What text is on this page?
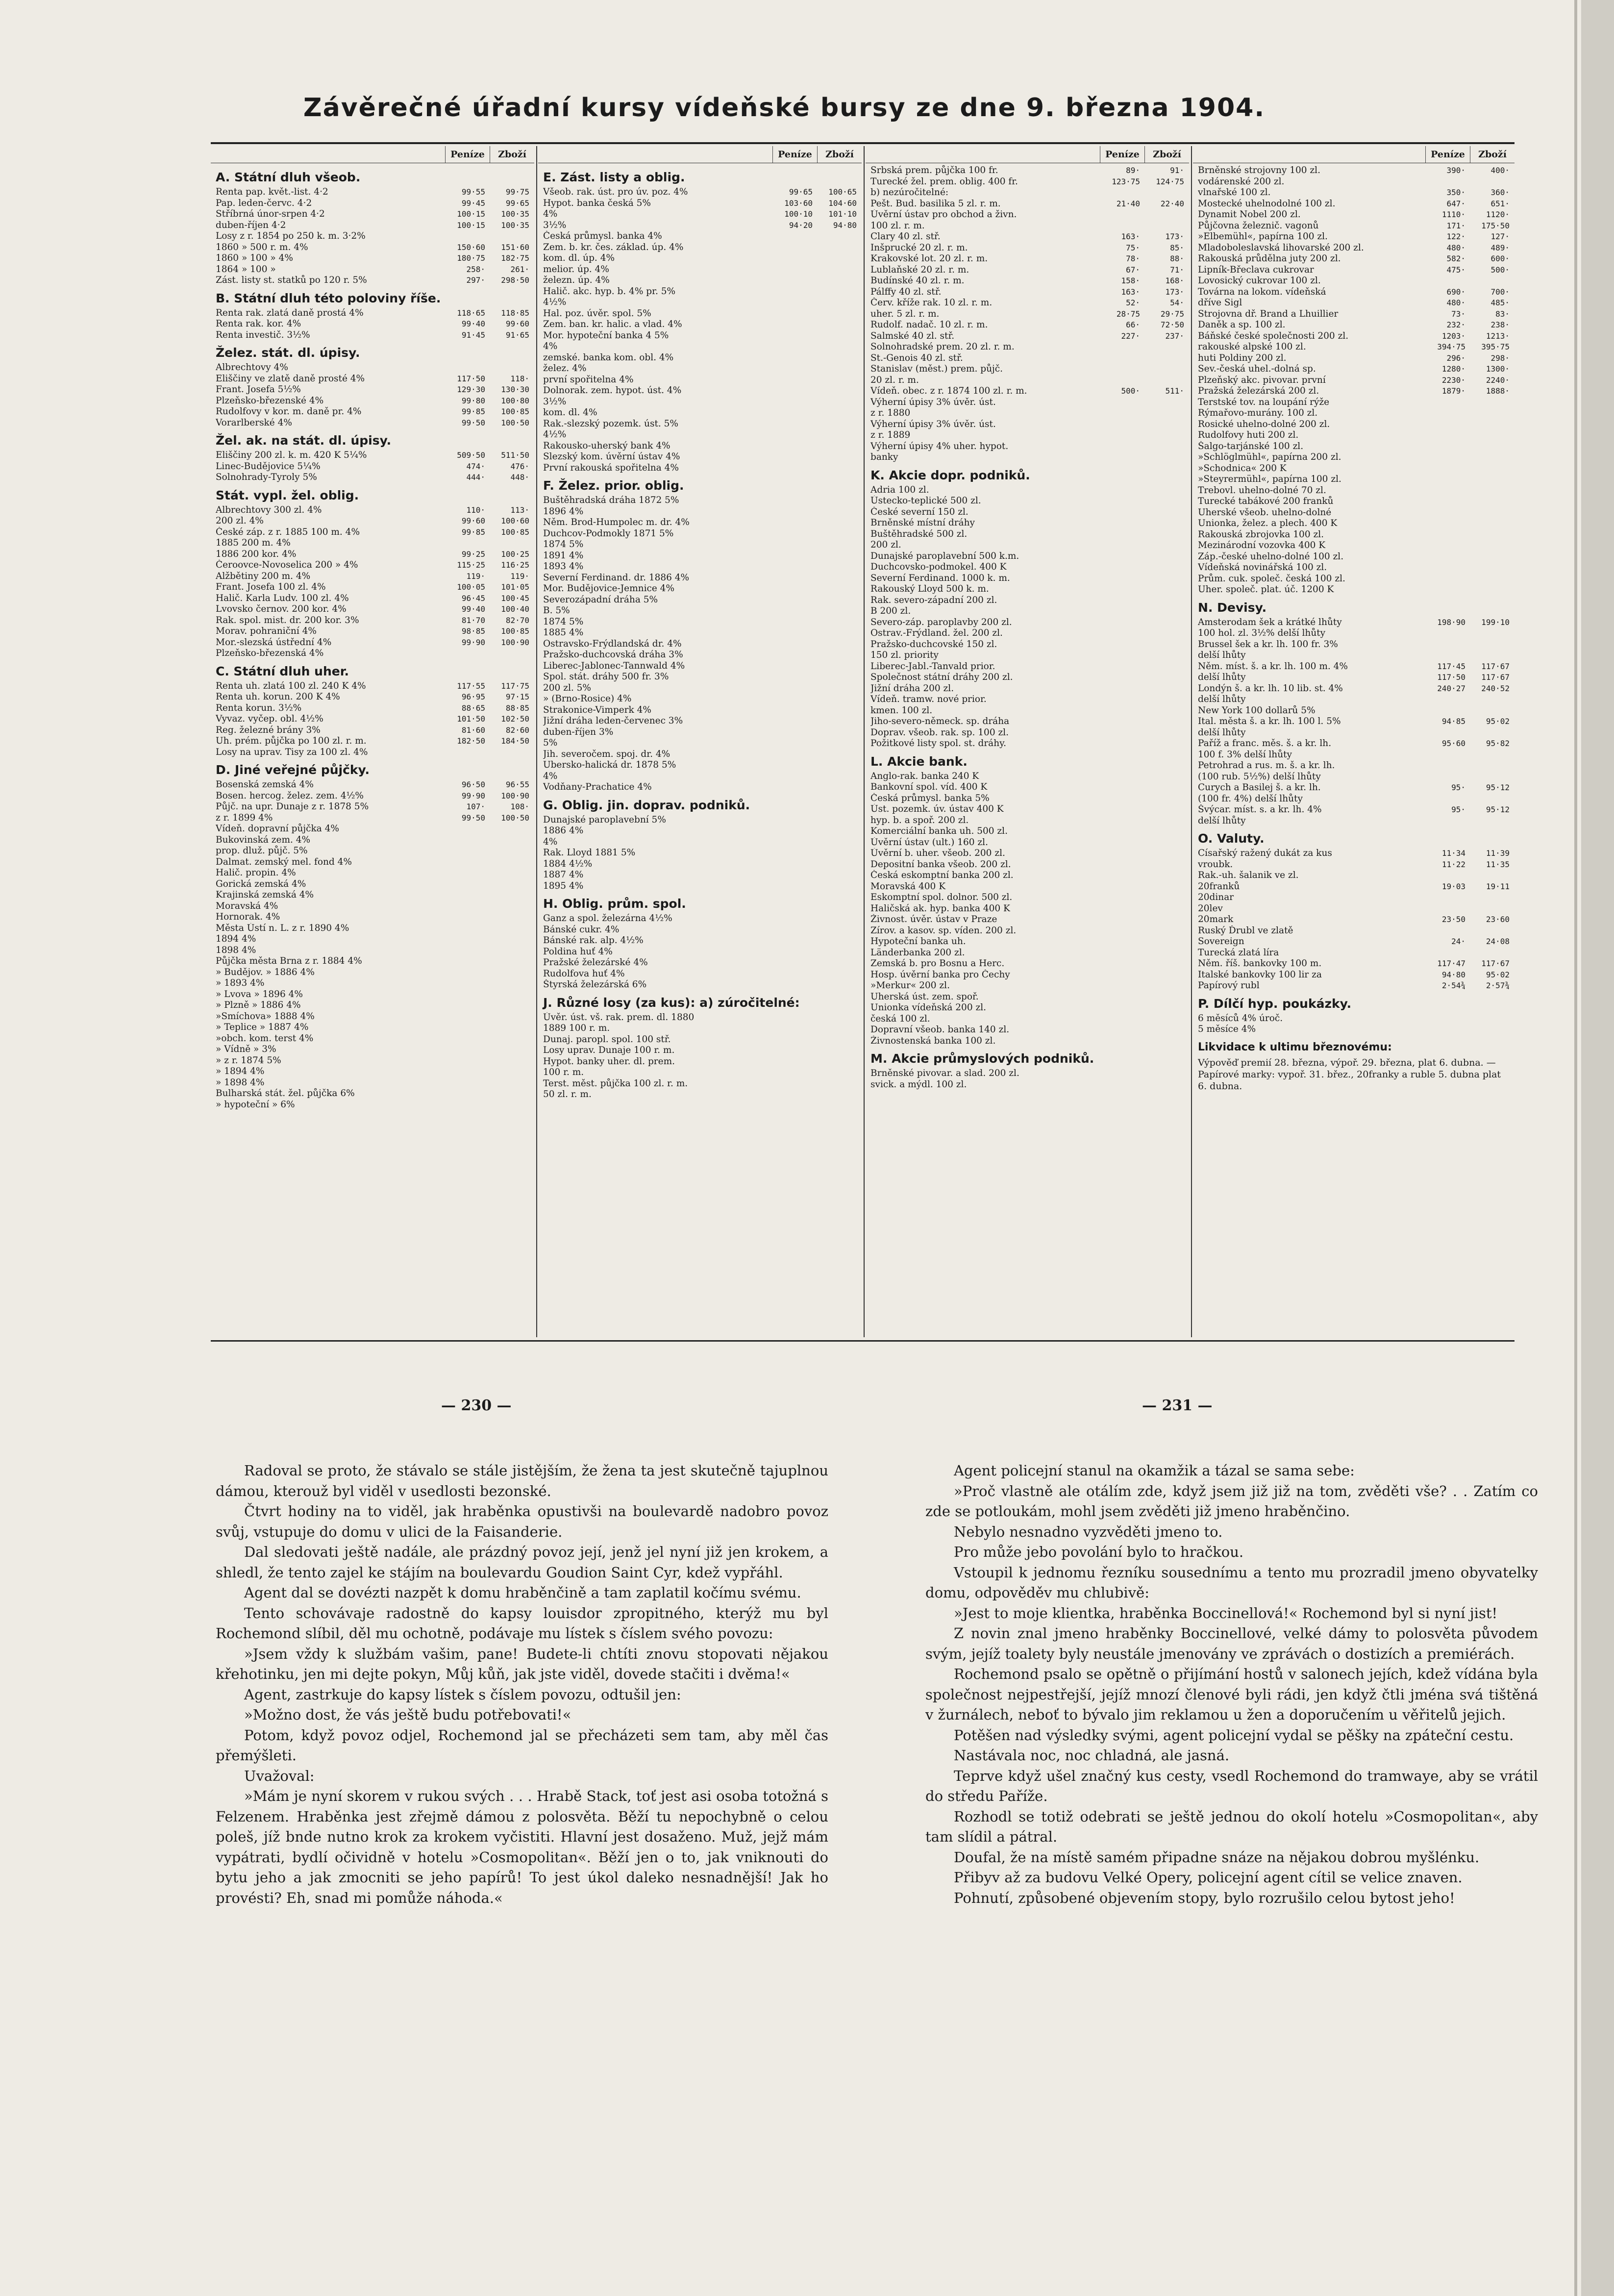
Závěrečné úřadní kursy vídeňské bursy ze dne 9. března 1904.
Peníze	Zboží
A. Státní dluh všeob.
Renta pap. květ.-list. 4·2	99·55	99·75
Pap. leden-červc. 4·2	99·45	99·65
Stříbrná únor-srpen 4·2	100·15	100·35
duben-říjen 4·2	100·15	100·35
Losy z r. 1854 po 250 k. m. 3·2%
1860 » 500 r. m. 4%	150·60	151·60
1860 » 100 » 4%	180·75	182·75
1864 » 100 »	258·	261·
Zást. listy st. statků po 120 r. 5%	297·	298·50
B. Státní dluh této poloviny říše.
Renta rak. zlatá daně prostá 4%	118·65	118·85
Renta rak. kor. 4%	99·40	99·60
Renta investič. 3½%	91·45	91·65
Želez. stát. dl. úpisy.
Albrechtovy 4%
Eliščiny ve zlatě daně prosté 4%	117·50	118·
Frant. Josefa 5½%	129·30	130·30
Plzeňsko-březenské 4%	99·80	100·80
Rudolfovy v kor. m. daně pr. 4%	99·85	100·85
Vorarlberské 4%	99·50	100·50
Žel. ak. na stát. dl. úpisy.
Eliščiny 200 zl. k. m. 420 K 5¼%	509·50	511·50
Linec-Budějovice 5¼%	474·	476·
Solnohrady-Tyroly 5%	444·	448·
Stát. vypl. žel. oblig.
Albrechtovy 300 zl. 4%	110·	113·
200 zl. 4%	99·60	100·60
České záp. z r. 1885 100 m. 4%	99·85	100·85
1885 200 m. 4%
1886 200 kor. 4%	99·25	100·25
Čeroovce-Novoselica 200 » 4%	115·25	116·25
Alžbětiny 200 m. 4%	119·	119·
Frant. Josefa 100 zl. 4%	100·05	101·05
Halič. Karla Ludv. 100 zl. 4%	96·45	100·45
Lvovsko černov. 200 kor. 4%	99·40	100·40
Rak. spol. mist. dr. 200 kor. 3%	81·70	82·70
Morav. pohraniční 4%	98·85	100·85
Mor.-slezská ústřední 4%	99·90	100·90
Plzeňsko-březenská 4%
C. Státní dluh uher.
Renta uh. zlatá 100 zl. 240 K 4%	117·55	117·75
Renta uh. korun. 200 K 4%	96·95	97·15
Renta korun. 3½%	88·65	88·85
Vyvaz. vyčep. obl. 4½%	101·50	102·50
Reg. železné brány 3%	81·60	82·60
Uh. prém. půjčka po 100 zl. r. m.	182·50	184·50
Losy na uprav. Tisy za 100 zl. 4%
D. Jiné veřejné půjčky.
Bosenská zemská 4%	96·50	96·55
Bosen. hercog. želez. zem. 4½%	99·90	100·90
Půjč. na upr. Dunaje z r. 1878 5%	107·	108·
z r. 1899 4%	99·50	100·50
Vídeň. dopravní půjčka 4%
Bukovinská zem. 4%
prop. dluž. půjč. 5%
Dalmat. zemský mel. fond 4%
Halič. propin. 4%
Gorická zemská 4%
Krajinská zemská 4%
Moravská 4%
Hornorak. 4%
Města Ústí n. L. z r. 1890 4%
1894 4%
1898 4%
Půjčka města Brna z r. 1884 4%
» Budějov. » 1886 4%
» 1893 4%
» Lvova » 1896 4%
» Plzně » 1886 4%
»Smíchova» 1888 4%
» Teplice » 1887 4%
»obch. kom. terst 4%
» Vídně » 3%
» z r. 1874 5%
» 1894 4%
» 1898 4%
Bulharská stát. žel. půjčka 6%
» hypoteční » 6%
Peníze	Zboží
E. Zást. listy a oblig.
Všeob. rak. úst. pro úv. poz. 4%	99·65	100·65
Hypot. banka česká 5%	103·60	104·60
4%	100·10	101·10
3½%	94·20	94·80
Česká průmysl. banka 4%
Zem. b. kr. čes. základ. úp. 4%
kom. dl. úp. 4%
melior. úp. 4%
železn. úp. 4%
Halič. akc. hyp. b. 4% pr. 5%
4½%
Hal. poz. úvěr. spol. 5%
Zem. ban. kr. halic. a vlad. 4%
Mor. hypoteční banka 4 5%
4%
zemské. banka kom. obl. 4%
želez. 4%
první spořitelna 4%
Dolnorak. zem. hypot. úst. 4%
3½%
kom. dl. 4%
Rak.-slezský pozemk. úst. 5%
4½%
Rakousko-uherský bank 4%
Slezský kom. úvěrní ústav 4%
První rakouská spořitelna 4%
F. Želez. prior. oblig.
Buštěhradská dráha 1872 5%
1896 4%
Něm. Brod-Humpolec m. dr. 4%
Duchcov-Podmokly 1871 5%
1874 5%
1891 4%
1893 4%
Severní Ferdinand. dr. 1886 4%
Mor. Budějovice-Jemnice 4%
Severozápadní dráha 5%
B. 5%
1874 5%
1885 4%
Ostravsko-Frýdlandská dr. 4%
Pražsko-duchcovská dráha 3%
Liberec-Jablonec-Tannwald 4%
Spol. stát. dráhy 500 fr. 3%
200 zl. 5%
» (Brno-Rosice) 4%
Strakonice-Vimperk 4%
Jižní dráha leden-červenec 3%
duben-říjen 3%
5%
Jih. severočem. spoj. dr. 4%
Ubersko-halická dr. 1878 5%
4%
Vodňany-Prachatice 4%
G. Oblig. jin. doprav. podniků.
Dunajské paroplavební 5%
1886 4%
4%
Rak. Lloyd 1881 5%
1884 4½%
1887 4%
1895 4%
H. Oblig. prům. spol.
Ganz a spol. železárna 4½%
Bánské cukr. 4%
Bánské rak. alp. 4½%
Poldina huť 4%
Pražské železárské 4%
Rudolfova huť 4%
Štyrská železárská 6%
J. Různé losy (za kus): a) zúročitelné:
Úvěr. úst. vš. rak. prem. dl. 1880
1889 100 r. m.
Dunaj. paropl. spol. 100 stř.
Losy uprav. Dunaje 100 r. m.
Hypot. banky uher. dl. prem.
100 r. m.
Terst. měst. půjčka 100 zl. r. m.
50 zl. r. m.
Peníze	Zboží
Srbská prem. půjčka 100 fr.	89·	91·
Turecké žel. prem. oblig. 400 fr.	123·75	124·75
b) nezúročitelné:
Pešt. Bud. basilika 5 zl. r. m.	21·40	22·40
Úvěrní ústav pro obchod a živn.
100 zl. r. m.
Clary 40 zl. stř.	163·	173·
Inšprucké 20 zl. r. m.	75·	85·
Krakovské lot. 20 zl. r. m.	78·	88·
Lublaňské 20 zl. r. m.	67·	71·
Budínské 40 zl. r. m.	158·	168·
Pálffy 40 zl. stř.	163·	173·
Červ. kříže rak. 10 zl. r. m.	52·	54·
uher. 5 zl. r. m.	28·75	29·75
Rudolf. nadač. 10 zl. r. m.	66·	72·50
Salmské 40 zl. stř.	227·	237·
Solnohradské prem. 20 zl. r. m.
St.-Genois 40 zl. stř.
Stanislav (měst.) prem. půjč.
20 zl. r. m.
Vídeň. obec. z r. 1874 100 zl. r. m.	500·	511·
Výherní úpisy 3% úvěr. úst.
z r. 1880
Výherní úpisy 3% úvěr. úst.
z r. 1889
Výherní úpisy 4% uher. hypot.
banky
K. Akcie dopr. podniků.
Adria 100 zl.
Ústecko-teplické 500 zl.
České severní 150 zl.
Brněnské místní dráhy
Buštěhradské 500 zl.
200 zl.
Dunajské paroplavební 500 k.m.
Duchcovsko-podmokel. 400 K
Severní Ferdinand. 1000 k. m.
Rakouský Lloyd 500 k. m.
Rak. severo-západní 200 zl.
B 200 zl.
Severo-záp. paroplavby 200 zl.
Ostrav.-Frýdland. žel. 200 zl.
Pražsko-duchcovské 150 zl.
150 zl. priority
Liberec-Jabl.-Tanvald prior.
Společnost státní dráhy 200 zl.
Jižní dráha 200 zl.
Vídeň. tramw. nové prior.
kmen. 100 zl.
Jiho-severo-německ. sp. dráha
Doprav. všeob. rak. sp. 100 zl.
Požitkové listy spol. st. dráhy.
L. Akcie bank.
Anglo-rak. banka 240 K
Bankovní spol. víd. 400 K
Česká průmysl. banka 5%
Úst. pozemk. úv. ústav 400 K
hyp. b. a spoř. 200 zl.
Komerciální banka uh. 500 zl.
Úvěrní ústav (ult.) 160 zl.
Úvěrní b. uher. všeob. 200 zl.
Depositní banka všeob. 200 zl.
Česká eskomptní banka 200 zl.
Moravská 400 K
Eskomptní spol. dolnor. 500 zl.
Haličská ak. hyp. banka 400 K
Živnost. úvěr. ústav v Praze
Zírov. a kasov. sp. víden. 200 zl.
Hypoteční banka uh.
Länderbanka 200 zl.
Zemská b. pro Bosnu a Herc.
Hosp. úvěrní banka pro Čechy
»Merkur« 200 zl.
Uherská úst. zem. spoř.
Unionka vídeňská 200 zl.
česká 100 zl.
Dopravní všeob. banka 140 zl.
Živnostenská banka 100 zl.
M. Akcie průmyslových podniků.
Brněnské pivovar. a slad. 200 zl.
svick. a mýdl. 100 zl.
Peníze	Zboží
Brněnské strojovny 100 zl.	390·	400·
vodárenské 200 zl.
vlnařské 100 zl.	350·	360·
Mostecké uhelnodolné 100 zl.	647·	651·
Dynamit Nobel 200 zl.	1110·	1120·
Půjčovna železnič. vagonů	171·	175·50
»Elbemühl«, papírna 100 zl.	122·	127·
Mladoboleslavská lihovarské 200 zl.	480·	489·
Rakouská průdělna juty 200 zl.	582·	600·
Lipník-Břeclava cukrovar	475·	500·
Lovosický cukrovar 100 zl.
Továrna na lokom. vídeňská	690·	700·
dříve Sigl	480·	485·
Strojovna dř. Brand a Lhuillier	73·	83·
Daněk a sp. 100 zl.	232·	238·
Báňské české společnosti 200 zl.	1203·	1213·
rakouské alpské 100 zl.	394·75	395·75
huti Poldiny 200 zl.	296·	298·
Sev.-česká uhel.-dolná sp.	1280·	1300·
Plzeňský akc. pivovar. první	2230·	2240·
Pražská železárská 200 zl.	1879·	1888·
Terstské tov. na loupání rýže
Rýmařovo-murány. 100 zl.
Rosické uhelno-dolné 200 zl.
Rudolfovy huti 200 zl.
Šalgo-tarjánské 100 zl.
»Schlöglmühl«, papírna 200 zl.
»Schodnica« 200 K
»Steyrermühl«, papírna 100 zl.
Trebovl. uhelno-dolné 70 zl.
Turecké tabákové 200 franků
Uherské všeob. uhelno-dolné
Unionka, želez. a plech. 400 K
Rakouská zbrojovka 100 zl.
Mezinárodní vozovka 400 K
Záp.-české uhelno-dolné 100 zl.
Vídeňská novinářská 100 zl.
Prům. cuk. společ. česká 100 zl.
Uher. společ. plat. úč. 1200 K
N. Devisy.
Amsterodam šek a krátké lhůty	198·90	199·10
100 hol. zl. 3½% delší lhůty
Brussel šek a kr. lh. 100 fr. 3%
delší lhůty
Něm. míst. š. a kr. lh. 100 m. 4%	117·45	117·67
delší lhůty	117·50	117·67
Londýn š. a kr. lh. 10 lib. st. 4%	240·27	240·52
delší lhůty
New York 100 dollarů 5%
Ital. města š. a kr. lh. 100 l. 5%	94·85	95·02
delší lhůty
Paříž a franc. měs. š. a kr. lh.	95·60	95·82
100 f. 3% delší lhůty
Petrohrad a rus. m. š. a kr. lh.
(100 rub. 5½%) delší lhůty
Curych a Basilej š. a kr. lh.	95·	95·12
(100 fr. 4%) delší lhůty
Švýcar. míst. s. a kr. lh. 4%	95·	95·12
delší lhůty
O. Valuty.
Císařský ražený dukát za kus	11·34	11·39
vroubk.	11·22	11·35
Rak.-uh. šalanik ve zl.
20franků	19·03	19·11
20dinar
20lev
20mark	23·50	23·60
Ruský Ďrubl ve zlatě
Sovereign	24·	24·08
Turecká zlatá líra
Něm. říš. bankovky 100 m.	117·47	117·67
Italské bankovky 100 lir za	94·80	95·02
Papírový rubl	2·54¾	2·57¾
P. Dílčí hyp. poukázky.
6 měsíců 4% úroč.
5 měsíce 4%
Likvidace k ultimu březnovému:
Výpověď premií 28. března, výpoř. 29. března, plat 6. dubna. — Papírové marky: vypoř. 31. břez., 20franky a ruble 5. dubna plat 6. dubna.
— 230 —	— 231 —

Radoval se proto, že stávalo se stále jistějším, že žena ta jest skutečně tajuplnou dámou, kterouž byl viděl v usedlosti bezonské.

Čtvrt hodiny na to viděl, jak hraběnka opustivši na boulevardě nadobro povoz svůj, vstupuje do domu v ulici de la Faisanderie.

Dal sledovati ještě nadále, ale prázdný povoz její, jenž jel nyní již jen krokem, a shledl, že tento zajel ke stájím na boulevardu Goudion Saint Cyr, kdež vypřáhl.

Agent dal se dovézti nazpět k domu hraběnčině a tam zaplatil kočímu svému.

Tento schovávaje radostně do kapsy louisdor zpropitného, kterýž mu byl Rochemond slíbil, děl mu ochotně, podávaje mu lístek s číslem svého povozu:

»Jsem vždy k službám vašim, pane! Budete-li chtíti znovu stopovati nějakou křehotinku, jen mi dejte pokyn, Můj kůň, jak jste viděl, dovede stačiti i dvěma!«

Agent, zastrkuje do kapsy lístek s číslem povozu, odtušil jen:

»Možno dost, že vás ještě budu potřebovati!«

Potom, když povoz odjel, Rochemond jal se přecházeti sem tam, aby měl čas přemýšleti.

Uvažoval:

»Mám je nyní skorem v rukou svých . . . Hrabě Stack, toť jest asi osoba totožná s Felzenem. Hraběnka jest zřejmě dámou z polosvěta. Běží tu nepochybně o celou poleš, jíž bnde nutno krok za krokem vyčistiti. Hlavní jest dosaženo. Muž, jejž mám vypátrati, bydlí očividně v hotelu »Cosmopolitan«. Běží jen o to, jak vniknouti do bytu jeho a jak zmocniti se jeho papírů! To jest úkol daleko nesnadnější! Jak ho provésti? Eh, snad mi pomůže náhoda.«

Agent policejní stanul na okamžik a tázal se sama sebe:

»Proč vlastně ale otálím zde, když jsem již již na tom, zvěděti vše? . . Zatím co zde se potloukám, mohl jsem zvěděti již jmeno hraběnčino.

Nebylo nesnadno vyzvěděti jmeno to.

Pro může jebo povolání bylo to hračkou.

Vstoupil k jednomu řezníku sousednímu a tento mu prozradil jmeno obyvatelky domu, odpověděv mu chlubivě:

»Jest to moje klientka, hraběnka Boccinellová!« Rochemond byl si nyní jist!

Z novin znal jmeno hraběnky Boccinellové, velké dámy to polosvěta původem svým, jejíž toalety byly neustále jmenovány ve zprávách o dostizích a premiérách.

Rochemond psalo se opětně o přijímání hostů v salonech jejích, kdež vídána byla společnost nejpestřejší, jejíž mnozí členové byli rádi, jen když čtli jména svá tištěná v žurnálech, neboť to bývalo jim reklamou u žen a doporučením u věřitelů jejich.

Potěšen nad výsledky svými, agent policejní vydal se pěšky na zpáteční cestu.

Nastávala noc, noc chladná, ale jasná.

Teprve když ušel značný kus cesty, vsedl Rochemond do tramwaye, aby se vrátil do středu Paříže.

Rozhodl se totiž odebrati se ještě jednou do okolí hotelu »Cosmopolitan«, aby tam slídil a pátral.

Doufal, že na místě samém připadne snáze na nějakou dobrou myšlénku.

Přibyv až za budovu Velké Opery, policejní agent cítil se velice znaven.

Pohnutí, způsobené objevením stopy, bylo rozrušilo celou bytost jeho!
